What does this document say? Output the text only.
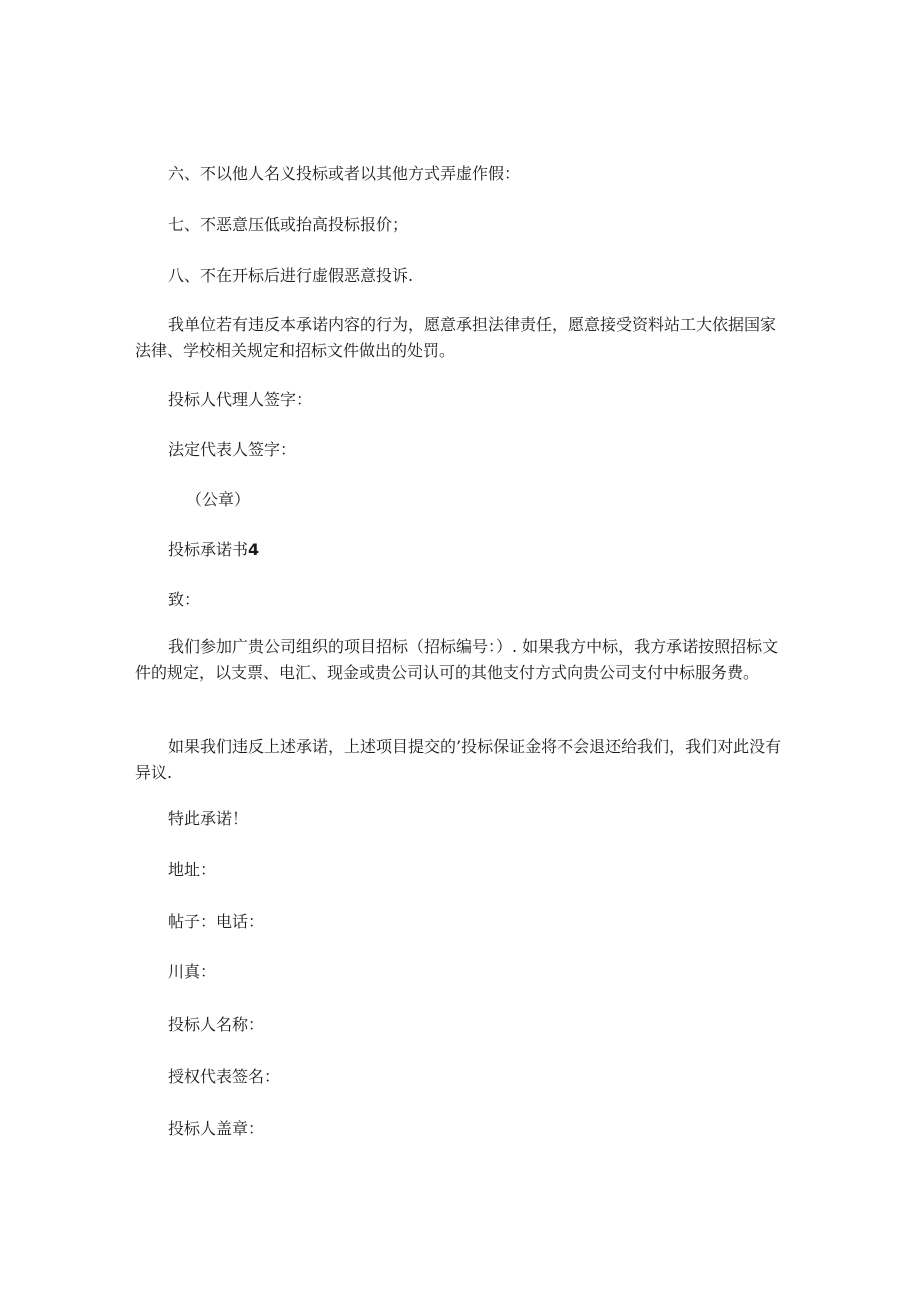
六、不以他人名义投标或者以其他方式弄虚作假：
七、不恶意压低或抬高投标报价；
八、不在开标后进行虚假恶意投诉.
我单位若有违反本承诺内容的行为，愿意承担法律责任，愿意接受资料站工大依据国家法律、学校相关规定和招标文件做出的处罚。
投标人代理人签字：
法定代表人签字：
（公章）
投标承诺书4
致：
我们参加广贵公司组织的项目招标（招标编号：）. 如果我方中标，我方承诺按照招标文件的规定，以支票、电汇、现金或贵公司认可的其他支付方式向贵公司支付中标服务费。
如果我们违反上述承诺，上述项目提交的’投标保证金将不会退还给我们，我们对此没有异议.
特此承诺！
地址：
帖子：电话：
川真：
投标人名称：
授权代表签名：
投标人盖章：
